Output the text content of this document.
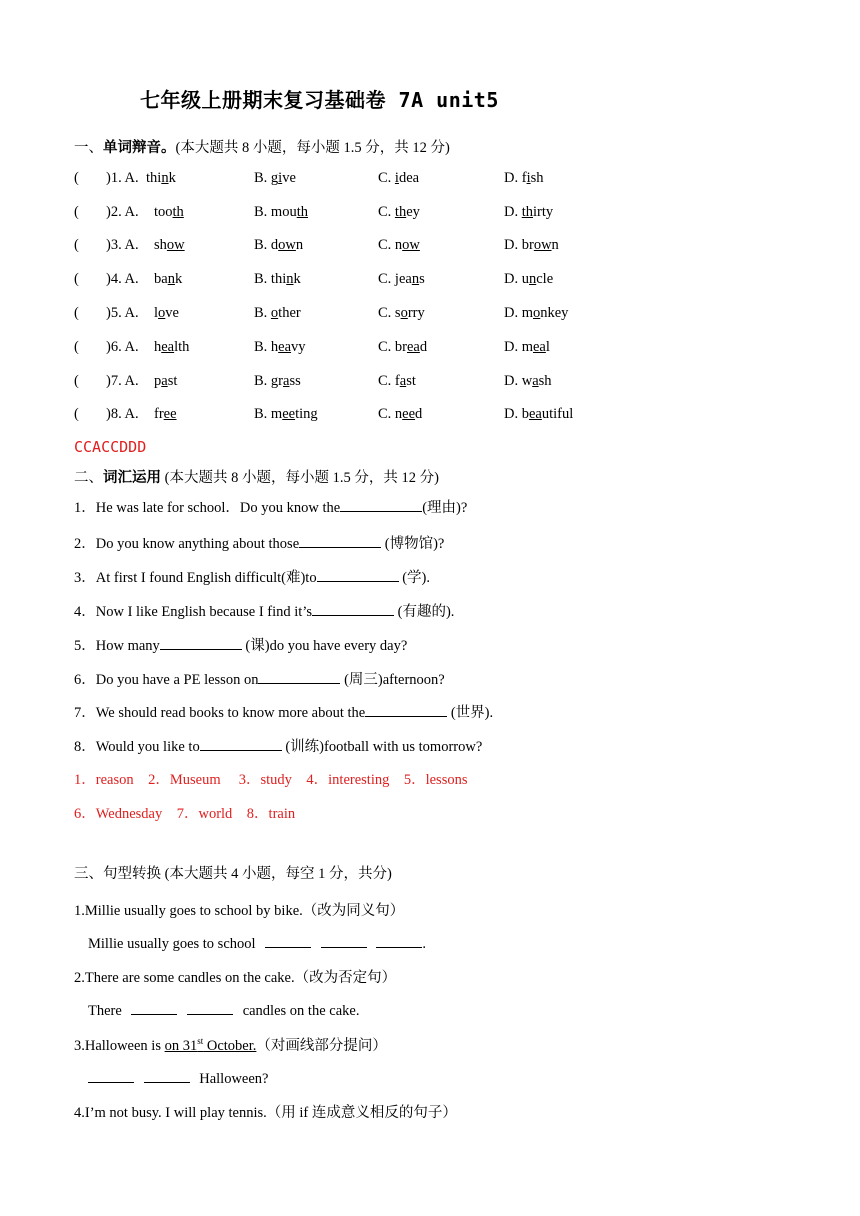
七年级上册期末复习基础卷 7A unit5
一、单词辩音。(本大题共 8 小题，每小题 1.5 分，共 12 分)
( )1. A. think	B. give	C. idea	D. fish
( )2. A. tooth	B. mouth	C. they	D. thirty
( )3. A. show	B. down	C. now	D. brown
( )4. A. bank	B. think	C. jeans	D. uncle
( )5. A. love	B. other	C. sorry	D. monkey
( )6. A. health	B. heavy	C. bread	D. meal
( )7. A. past	B. grass	C. fast	D. wash
( )8. A. free	B. meeting	C. need	D. beautiful
CCACCDDD
二、词汇运用 (本大题共 8 小题，每小题 1.5 分，共 12 分)
1．He was late for school．Do you know the	(理由)?
2．Do you know anything about those	(博物馆)?
3．At first I found English difficult(难)to	(学).
4．Now I like English because I find it’s	(有趣的).
5．How many	(课)do you have every day?
6．Do you have a PE lesson on	(周三)afternoon?
7．We should read books to know more about the	(世界).
8．Would you like to	(训练)football with us tomorrow?
1．reason　2．Museum　 3．study　4．interesting　5．lessons
6．Wednesday　7．world　8．train
三、句型转换 (本大题共 4 小题，每空 1 分，共分)
1.Millie usually goes to school by bike.（改为同义句）
Millie usually goes to school	.
2.There are some candles on the cake.（改为否定句）
There	candles on the cake.
3.Halloween is on 31st October.（对画线部分提问）
Halloween?
4.I’m not busy. I will play tennis.（用 if 连成意义相反的句子）
